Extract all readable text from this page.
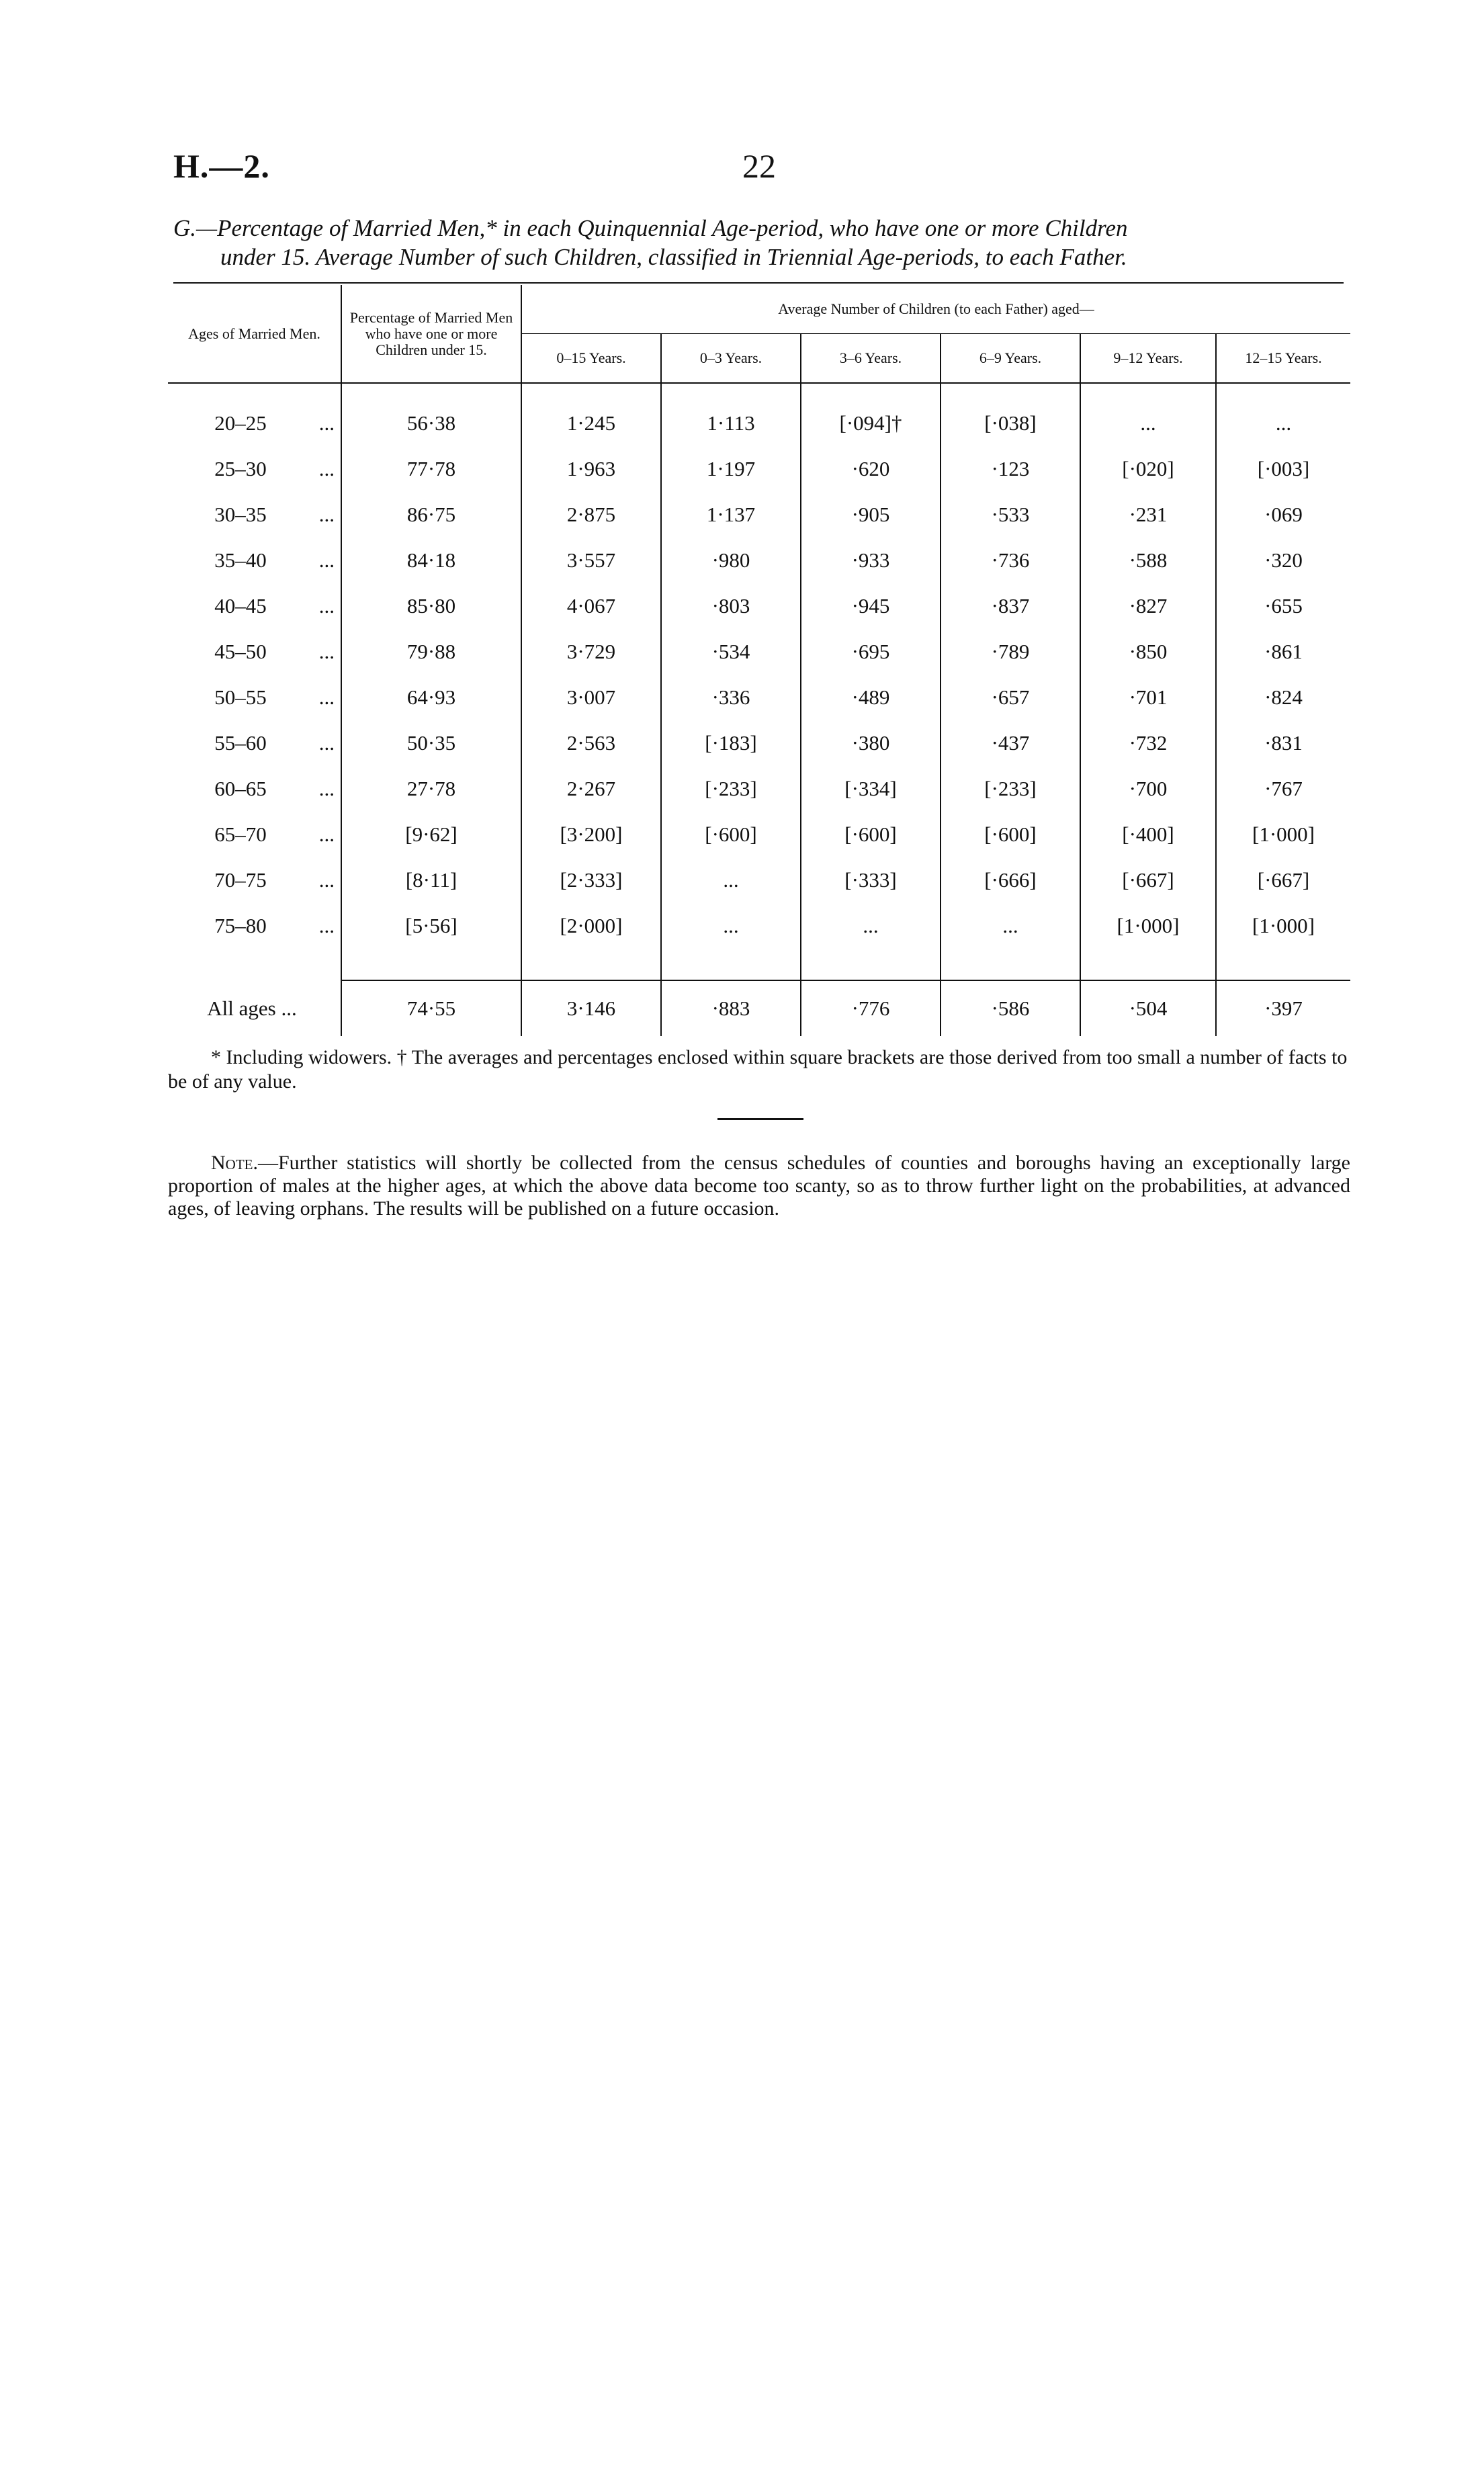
H.—2.	22
G.—Percentage of Married Men,* in each Quinquennial Age-period, who have one or more Children
under 15. Average Number of such Children, classified in Triennial Age-periods, to each Father.
Ages of Married Men.	Percentage of Married Men who have one or more Children under 15.	Average Number of Children (to each Father) aged—					
		0–15 Years.	0–3 Years.	3–6 Years.	6–9 Years.	9–12 Years.	12–15 Years.
20–25 ...	56·38	1·245	1·113	[·094]†	[·038]	...	...
25–30 ...	77·78	1·963	1·197	·620	·123	[·020]	[·003]
30–35 ...	86·75	2·875	1·137	·905	·533	·231	·069
35–40 ...	84·18	3·557	·980	·933	·736	·588	·320
40–45 ...	85·80	4·067	·803	·945	·837	·827	·655
45–50 ...	79·88	3·729	·534	·695	·789	·850	·861
50–55 ...	64·93	3·007	·336	·489	·657	·701	·824
55–60 ...	50·35	2·563	[·183]	·380	·437	·732	·831
60–65 ...	27·78	2·267	[·233]	[·334]	[·233]	·700	·767
65–70 ...	[9·62]	[3·200]	[·600]	[·600]	[·600]	[·400]	[1·000]
70–75 ...	[8·11]	[2·333]	...	[·333]	[·666]	[·667]	[·667]
75–80 ...	[5·56]	[2·000]	...	...	...	[1·000]	[1·000]

All ages ...	74·55	3·146	·883	·776	·586	·504	·397
* Including widowers. † The averages and percentages enclosed within square brackets are those derived from too small a number of facts to be of any value.
Note.—Further statistics will shortly be collected from the census schedules of counties and boroughs having an exceptionally large proportion of males at the higher ages, at which the above data become too scanty, so as to throw further light on the probabilities, at advanced ages, of leaving orphans. The results will be published on a future occasion.
